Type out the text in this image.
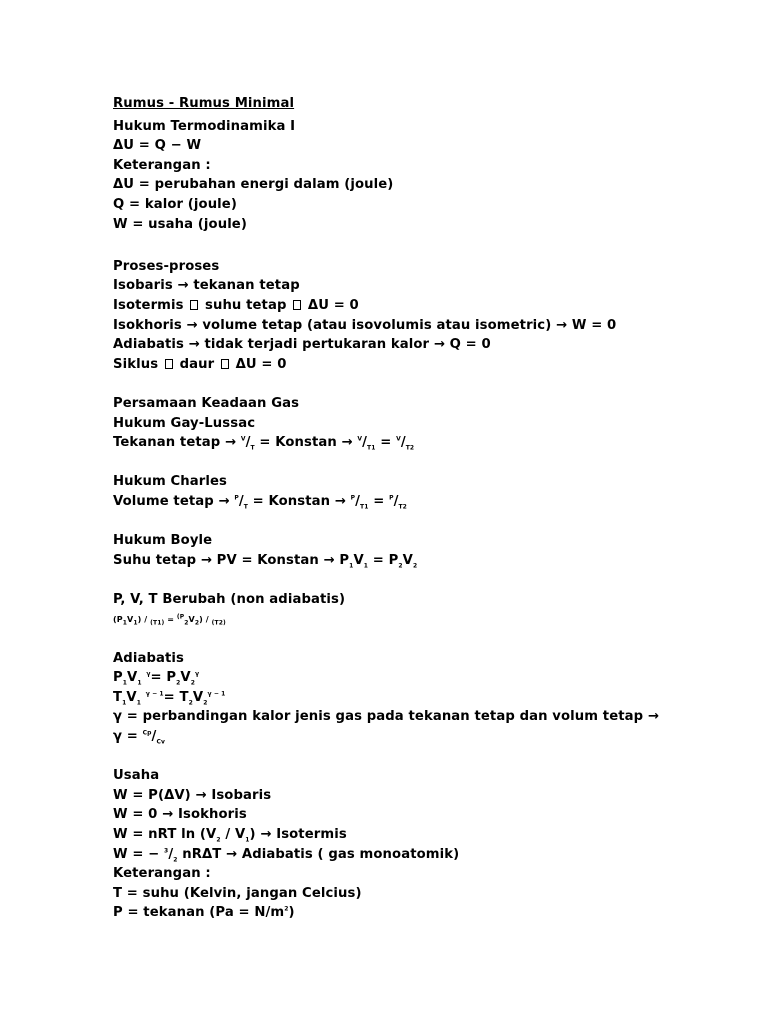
Rumus - Rumus Minimal
Hukum Termodinamika I
ΔU = Q − W
Keterangan :
ΔU = perubahan energi dalam (joule)
Q = kalor (joule)
W = usaha (joule)
Proses-proses
Isobaris → tekanan tetap
Isotermis suhu tetap ΔU = 0
Isokhoris → volume tetap (atau isovolumis atau isometric) → W = 0
Adiabatis → tidak terjadi pertukaran kalor → Q = 0
Siklus daur ΔU = 0
Persamaan Keadaan Gas
Hukum Gay-Lussac
Tekanan tetap → $^V/_T$ = Konstan → $^V/_{T1} = ^V/_{T2}$
Hukum Charles
Volume tetap → $^P/_T$ = Konstan → $^P/_{T1} = ^P/_{T2}$
Hukum Boyle
Suhu tetap → PV = Konstan → $P_1V_1 = P_2V_2$
P, V, T Berubah (non adiabatis)
$(P_1V_1) / _{(T1)} = ^{(P}_2V_2) / _{(T2)}$
Adiabatis
$P_1V_1$ $^\gamma= P_2V_2^\gamma$
$T_1V_1$ $^{\gamma - 1}= T_2V_2^{\gamma - 1}$
γ = perbandingan kalor jenis gas pada tekanan tetap dan volum tetap →
$\gamma = ^{Cp}/_{Cv}$
Usaha
W = P(ΔV) → Isobaris
W = 0 → Isokhoris
W = nRT $\ln (V_2 / V_1)$ → Isotermis
W = − $^3/_2$ nRΔT → Adiabatis ( gas monoatomik)
Keterangan :
T = suhu (Kelvin, jangan Celcius)
P = tekanan $(Pa = N/m^2)$
